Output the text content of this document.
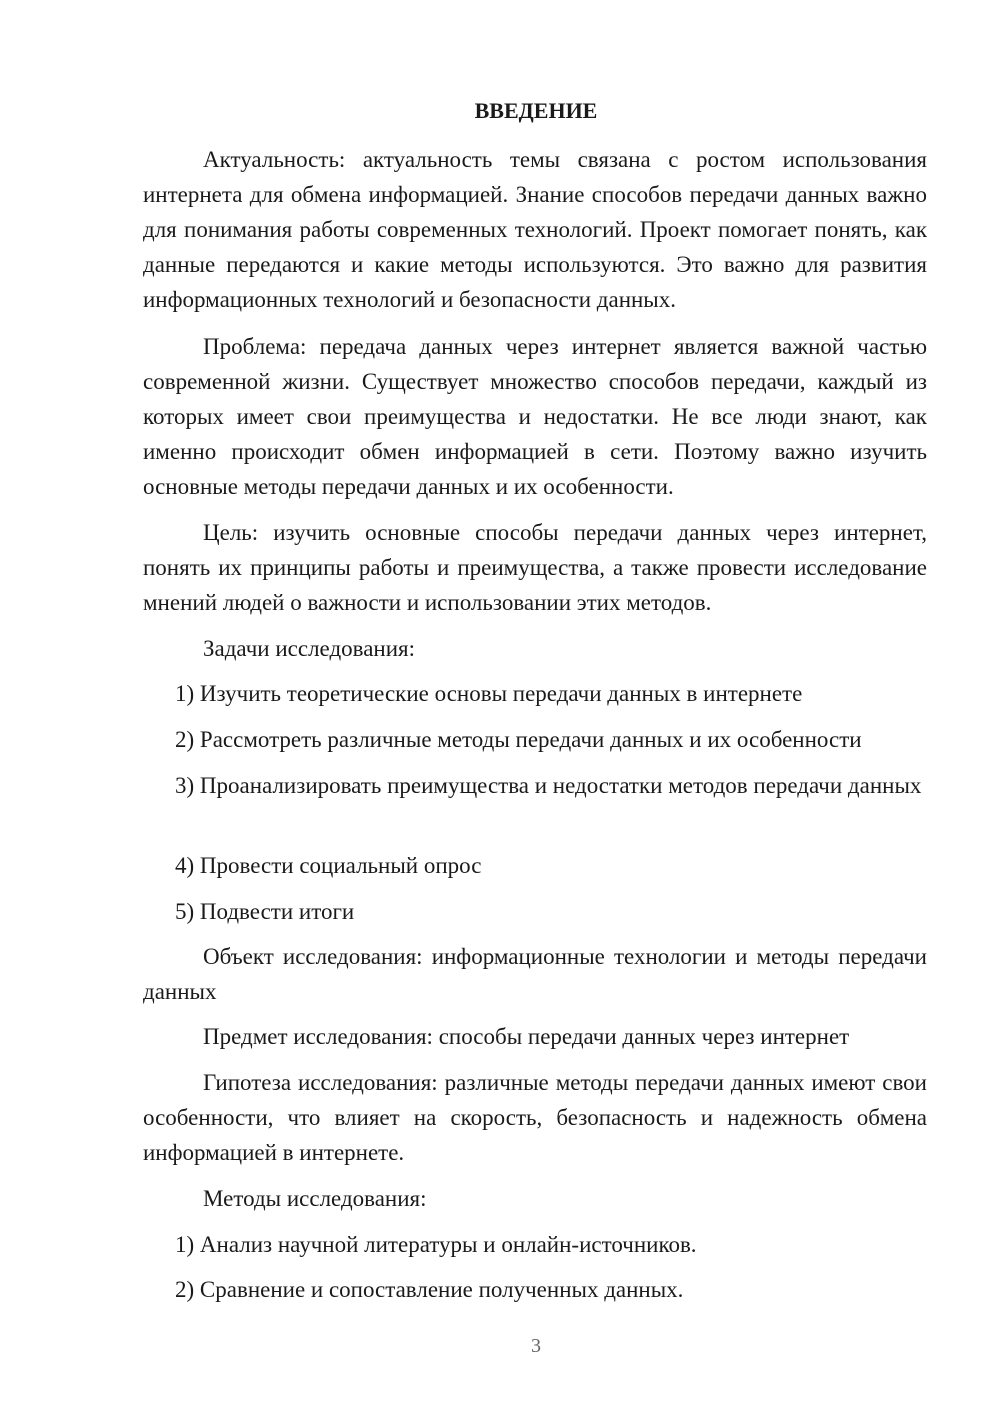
ВВЕДЕНИЕ

Актуальность: актуальность темы связана с ростом использования интернета для обмена информацией. Знание способов передачи данных важно для понимания работы современных технологий. Проект помогает понять, как данные передаются и какие методы используются. Это важно для развития информационных технологий и безопасности данных.

Проблема: передача данных через интернет является важной частью современной жизни. Существует множество способов передачи, каждый из которых имеет свои преимущества и недостатки. Не все люди знают, как именно происходит обмен информацией в сети. Поэтому важно изучить основные методы передачи данных и их особенности.

Цель: изучить основные способы передачи данных через интернет, понять их принципы работы и преимущества, а также провести исследование мнений людей о важности и использовании этих методов.

Задачи исследования:

1) Изучить теоретические основы передачи данных в интернете

2) Рассмотреть различные методы передачи данных и их особенности

3) Проанализировать преимущества и недостатки методов передачи данных

4) Провести социальный опрос

5) Подвести итоги

Объект исследования: информационные технологии и методы передачи данных

Предмет исследования: способы передачи данных через интернет

Гипотеза исследования: различные методы передачи данных имеют свои особенности, что влияет на скорость, безопасность и надежность обмена информацией в интернете.

Методы исследования:

1) Анализ научной литературы и онлайн-источников.

2) Сравнение и сопоставление полученных данных.

3
